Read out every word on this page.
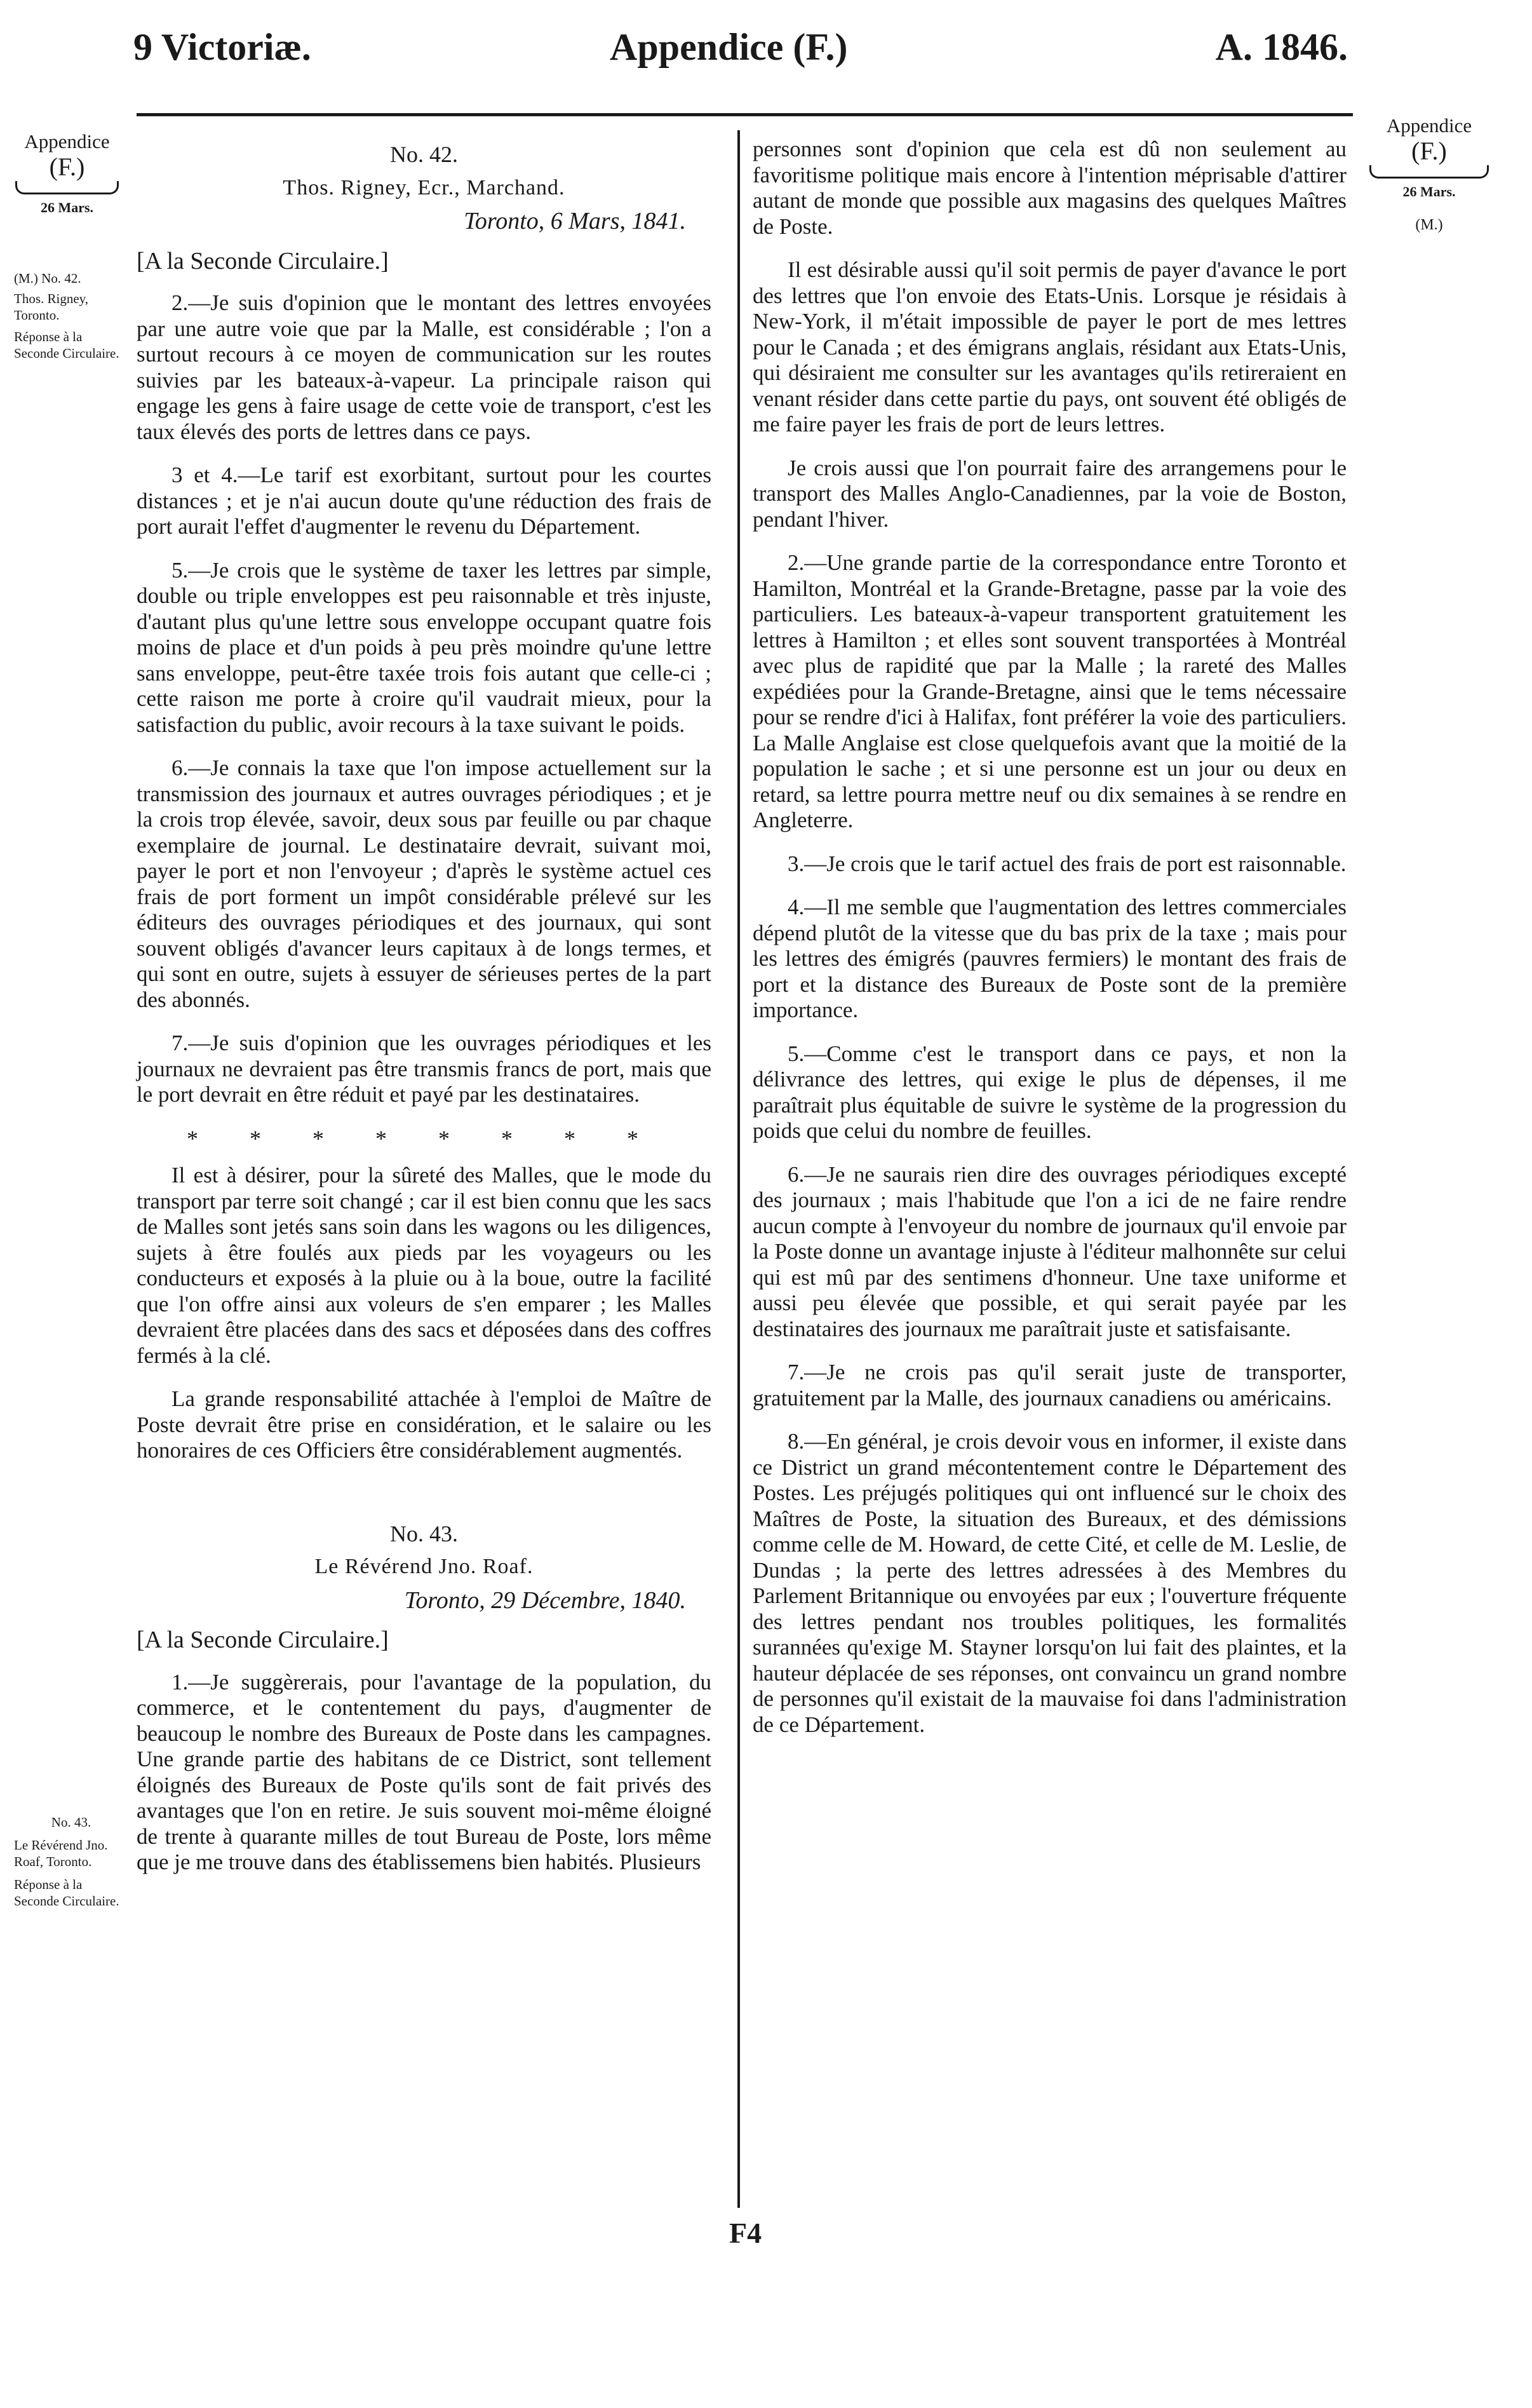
9 Victoriæ.	Appendice (F.)	A. 1846.
Appendice
(F.)
26 Mars.
(M.) No. 42.
Thos. Rigney, Toronto.
Réponse à la Seconde Circulaire.
No. 43.
Le Révérend Jno. Roaf, Toronto.
Réponse à la Seconde Circulaire.
Appendice
(F.)
26 Mars.
(M.)
No. 42.
Thos. Rigney, Ecr., Marchand.
Toronto, 6 Mars, 1841.
[A la Seconde Circulaire.]

2.—Je suis d'opinion que le montant des lettres envoyées par une autre voie que par la Malle, est considérable ; l'on a surtout recours à ce moyen de communication sur les routes suivies par les bateaux-à-vapeur. La principale raison qui engage les gens à faire usage de cette voie de transport, c'est les taux élevés des ports de lettres dans ce pays.

3 et 4.—Le tarif est exorbitant, surtout pour les courtes distances ; et je n'ai aucun doute qu'une réduction des frais de port aurait l'effet d'augmenter le revenu du Département.

5.—Je crois que le système de taxer les lettres par simple, double ou triple enveloppes est peu raisonnable et très injuste, d'autant plus qu'une lettre sous enveloppe occupant quatre fois moins de place et d'un poids à peu près moindre qu'une lettre sans enveloppe, peut-être taxée trois fois autant que celle-ci ; cette raison me porte à croire qu'il vaudrait mieux, pour la satisfaction du public, avoir recours à la taxe suivant le poids.

6.—Je connais la taxe que l'on impose actuellement sur la transmission des journaux et autres ouvrages périodiques ; et je la crois trop élevée, savoir, deux sous par feuille ou par chaque exemplaire de journal. Le destinataire devrait, suivant moi, payer le port et non l'envoyeur ; d'après le système actuel ces frais de port forment un impôt considérable prélevé sur les éditeurs des ouvrages périodiques et des journaux, qui sont souvent obligés d'avancer leurs capitaux à de longs termes, et qui sont en outre, sujets à essuyer de sérieuses pertes de la part des abonnés.

7.—Je suis d'opinion que les ouvrages périodiques et les journaux ne devraient pas être transmis francs de port, mais que le port devrait en être réduit et payé par les destinataires.

* * * * * * * *

Il est à désirer, pour la sûreté des Malles, que le mode du transport par terre soit changé ; car il est bien connu que les sacs de Malles sont jetés sans soin dans les wagons ou les diligences, sujets à être foulés aux pieds par les voyageurs ou les conducteurs et exposés à la pluie ou à la boue, outre la facilité que l'on offre ainsi aux voleurs de s'en emparer ; les Malles devraient être placées dans des sacs et déposées dans des coffres fermés à la clé.

La grande responsabilité attachée à l'emploi de Maître de Poste devrait être prise en considération, et le salaire ou les honoraires de ces Officiers être considérablement augmentés.

No. 43.
Le Révérend Jno. Roaf.
Toronto, 29 Décembre, 1840.
[A la Seconde Circulaire.]

1.—Je suggèrerais, pour l'avantage de la population, du commerce, et le contentement du pays, d'augmenter de beaucoup le nombre des Bureaux de Poste dans les campagnes. Une grande partie des habitans de ce District, sont tellement éloignés des Bureaux de Poste qu'ils sont de fait privés des avantages que l'on en retire. Je suis souvent moi-même éloigné de trente à quarante milles de tout Bureau de Poste, lors même que je me trouve dans des établissemens bien habités. Plusieurs

personnes sont d'opinion que cela est dû non seulement au favoritisme politique mais encore à l'intention méprisable d'attirer autant de monde que possible aux magasins des quelques Maîtres de Poste.

Il est désirable aussi qu'il soit permis de payer d'avance le port des lettres que l'on envoie des Etats-Unis. Lorsque je résidais à New-York, il m'était impossible de payer le port de mes lettres pour le Canada ; et des émigrans anglais, résidant aux Etats-Unis, qui désiraient me consulter sur les avantages qu'ils retireraient en venant résider dans cette partie du pays, ont souvent été obligés de me faire payer les frais de port de leurs lettres.

Je crois aussi que l'on pourrait faire des arrangemens pour le transport des Malles Anglo-Canadiennes, par la voie de Boston, pendant l'hiver.

2.—Une grande partie de la correspondance entre Toronto et Hamilton, Montréal et la Grande-Bretagne, passe par la voie des particuliers. Les bateaux-à-vapeur transportent gratuitement les lettres à Hamilton ; et elles sont souvent transportées à Montréal avec plus de rapidité que par la Malle ; la rareté des Malles expédiées pour la Grande-Bretagne, ainsi que le tems nécessaire pour se rendre d'ici à Halifax, font préférer la voie des particuliers. La Malle Anglaise est close quelquefois avant que la moitié de la population le sache ; et si une personne est un jour ou deux en retard, sa lettre pourra mettre neuf ou dix semaines à se rendre en Angleterre.

3.—Je crois que le tarif actuel des frais de port est raisonnable.

4.—Il me semble que l'augmentation des lettres commerciales dépend plutôt de la vitesse que du bas prix de la taxe ; mais pour les lettres des émigrés (pauvres fermiers) le montant des frais de port et la distance des Bureaux de Poste sont de la première importance.

5.—Comme c'est le transport dans ce pays, et non la délivrance des lettres, qui exige le plus de dépenses, il me paraîtrait plus équitable de suivre le système de la progression du poids que celui du nombre de feuilles.

6.—Je ne saurais rien dire des ouvrages périodiques excepté des journaux ; mais l'habitude que l'on a ici de ne faire rendre aucun compte à l'envoyeur du nombre de journaux qu'il envoie par la Poste donne un avantage injuste à l'éditeur malhonnête sur celui qui est mû par des sentimens d'honneur. Une taxe uniforme et aussi peu élevée que possible, et qui serait payée par les destinataires des journaux me paraîtrait juste et satisfaisante.

7.—Je ne crois pas qu'il serait juste de transporter, gratuitement par la Malle, des journaux canadiens ou américains.

8.—En général, je crois devoir vous en informer, il existe dans ce District un grand mécontentement contre le Département des Postes. Les préjugés politiques qui ont influencé sur le choix des Maîtres de Poste, la situation des Bureaux, et des démissions comme celle de M. Howard, de cette Cité, et celle de M. Leslie, de Dundas ; la perte des lettres adressées à des Membres du Parlement Britannique ou envoyées par eux ; l'ouverture fréquente des lettres pendant nos troubles politiques, les formalités surannées qu'exige M. Stayner lorsqu'on lui fait des plaintes, et la hauteur déplacée de ses réponses, ont convaincu un grand nombre de personnes qu'il existait de la mauvaise foi dans l'administration de ce Département.

F4
